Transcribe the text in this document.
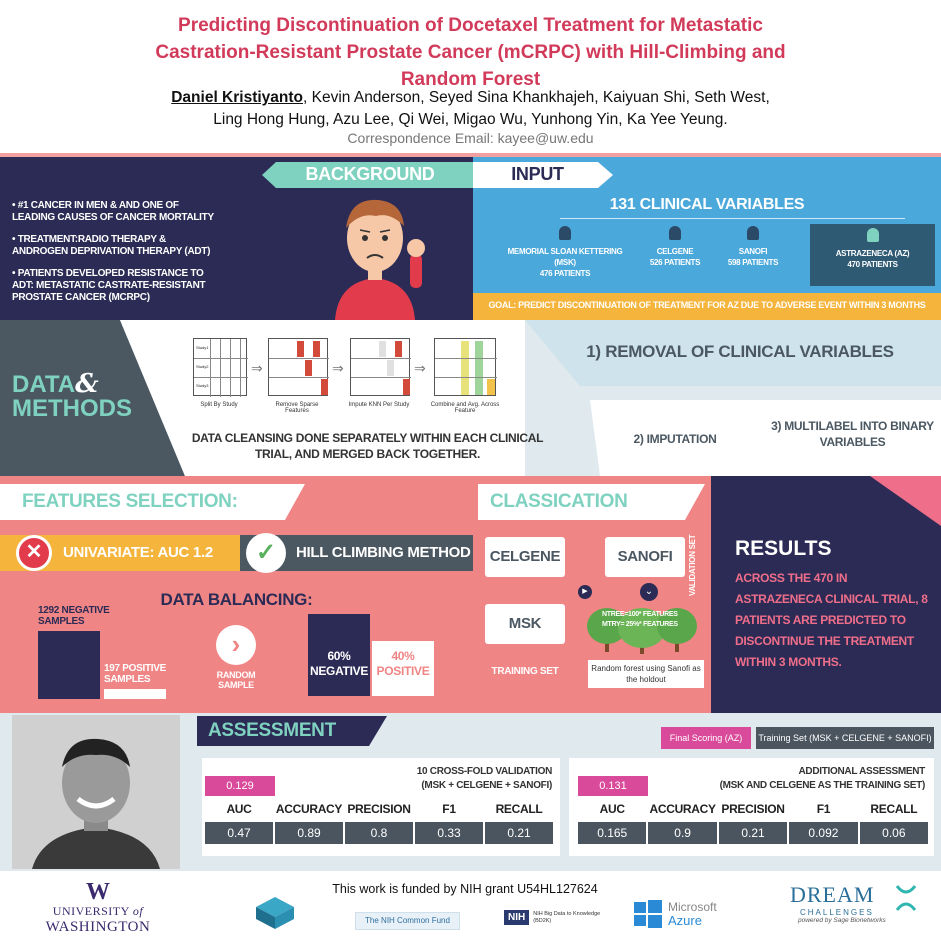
Predicting Discontinuation of Docetaxel Treatment for Metastatic
Castration-Resistant Prostate Cancer (mCRPC) with Hill-Climbing and
Random Forest
Daniel Kristiyanto, Kevin Anderson, Seyed Sina Khankhajeh, Kaiyuan Shi, Seth West,
Ling Hong Hung, Azu Lee, Qi Wei, Migao Wu, Yunhong Yin, Ka Yee Yeung.
Correspondence Email: kayee@uw.edu
BACKGROUND	INPUT
• #1 CANCER IN MEN & AND ONE OF LEADING CAUSES OF CANCER MORTALITY
• TREATMENT:RADIO THERAPY & ANDROGEN DEPRIVATION THERAPY (ADT)
• PATIENTS DEVELOPED RESISTANCE TO ADT: METASTATIC CASTRATE-RESISTANT PROSTATE CANCER (MCRPC)
131 CLINICAL VARIABLES
MEMORIAL SLOAN KETTERING (MSK)
476 PATIENTS
CELGENE
526 PATIENTS
SANOFI
598 PATIENTS
ASTRAZENECA (AZ)
470 PATIENTS
GOAL: PREDICT DISCONTINUATION OF TREATMENT FOR AZ DUE TO ADVERSE EVENT WITHIN 3 MONTHS
DATA&
METHODS
Study1
Study2
Study3
⇒	⇒	⇒
Split By Study	Remove Sparse Features
Impute KNN Per Study	Combine and Avg. Across Feature
DATA CLEANSING DONE SEPARATELY WITHIN EACH CLINICAL TRIAL, AND MERGED BACK TOGETHER.
1) REMOVAL OF CLINICAL VARIABLES
2) IMPUTATION
3) MULTILABEL INTO BINARY VARIABLES
FEATURES SELECTION:
✕	UNIVARIATE: AUC 1.2	✓	HILL CLIMBING METHOD
DATA BALANCING:
1292 NEGATIVE SAMPLES
197 POSITIVE SAMPLES
›
RANDOM SAMPLE
60%
NEGATIVE
40%
POSITIVE
CLASSICATION
CELGENE	SANOFI
MSK
VALIDATION SET
TRAINING SET
▶	⌄
NTREE=100* FEATURES
MTRY= 25%* FEATURES
Random forest using Sanofi as the holdout
RESULTS
ACROSS THE 470 IN ASTRAZENECA CLINICAL TRIAL, 8 PATIENTS ARE PREDICTED TO DISCONTINUE THE TREATMENT WITHIN 3 MONTHS.
ASSESSMENT	Final Scoring (AZ)	Training Set (MSK + CELGENE + SANOFI)
0.129
10 CROSS-FOLD VALIDATION
(MSK + CELGENE + SANOFI)
AUC	ACCURACY PRECISION	F1	RECALL
0.47	0.89	0.8	0.33	0.21
0.131
ADDITIONAL ASSESSMENT
(MSK AND CELGENE AS THE TRAINING SET)
AUC	ACCURACY PRECISION	F1	RECALL
0.165	0.9	0.21	0.092	0.06
This work is funded by NIH grant U54HL127624
W
UNIVERSITY of
WASHINGTON	The NIH Common Fund	NIH	NIH Big Data to Knowledge (BD2K)
Microsoft
Azure
DREAM
CHALLENGES
powered by Sage Bionetworks
